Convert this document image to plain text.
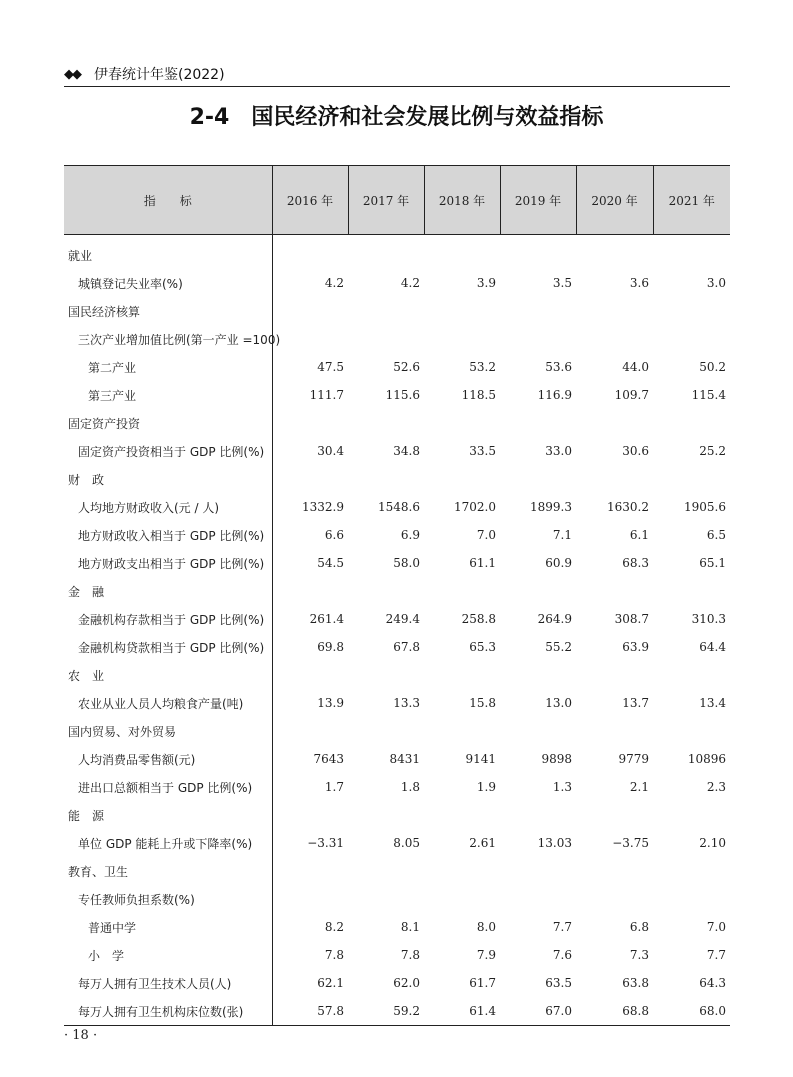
◆◆ 伊春统计年鉴(2022)
2-4 国民经济和社会发展比例与效益指标
指　　标	2016 年	2017 年	2018 年	2019 年	2020 年	2021 年
就业						
城镇登记失业率(%)	4.2	4.2	3.9	3.5	3.6	3.0
国民经济核算						
三次产业增加值比例(第一产业 =100)						
第二产业	47.5	52.6	53.2	53.6	44.0	50.2
第三产业	111.7	115.6	118.5	116.9	109.7	115.4
固定资产投资						
固定资产投资相当于 GDP 比例(%)	30.4	34.8	33.5	33.0	30.6	25.2
财　政						
人均地方财政收入(元 / 人)	1332.9	1548.6	1702.0	1899.3	1630.2	1905.6
地方财政收入相当于 GDP 比例(%)	6.6	6.9	7.0	7.1	6.1	6.5
地方财政支出相当于 GDP 比例(%)	54.5	58.0	61.1	60.9	68.3	65.1
金　融						
金融机构存款相当于 GDP 比例(%)	261.4	249.4	258.8	264.9	308.7	310.3
金融机构贷款相当于 GDP 比例(%)	69.8	67.8	65.3	55.2	63.9	64.4
农　业						
农业从业人员人均粮食产量(吨)	13.9	13.3	15.8	13.0	13.7	13.4
国内贸易、对外贸易						
人均消费品零售额(元)	7643	8431	9141	9898	9779	10896
进出口总额相当于 GDP 比例(%)	1.7	1.8	1.9	1.3	2.1	2.3
能　源						
单位 GDP 能耗上升或下降率(%)	−3.31	8.05	2.61	13.03	−3.75	2.10
教育、卫生						
专任教师负担系数(%)						
普通中学	8.2	8.1	8.0	7.7	6.8	7.0
小　学	7.8	7.8	7.9	7.6	7.3	7.7
每万人拥有卫生技术人员(人)	62.1	62.0	61.7	63.5	63.8	64.3
每万人拥有卫生机构床位数(张)	57.8	59.2	61.4	67.0	68.8	68.0
· 18 ·
